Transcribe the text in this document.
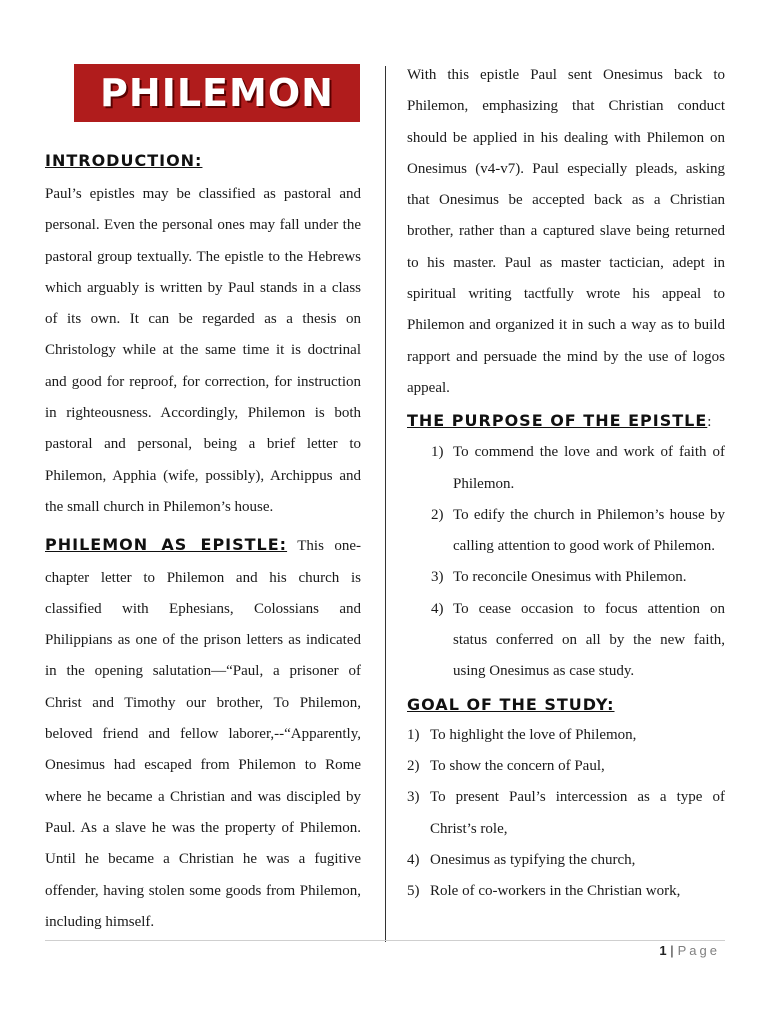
PHILEMON
INTRODUCTION:

Paul’s epistles may be classified as pastoral and personal. Even the personal ones may fall under the pastoral group textually. The epistle to the Hebrews which arguably is written by Paul stands in a class of its own. It can be regarded as a thesis on Christology while at the same time it is doctrinal and good for reproof, for correction, for instruction in righteousness. Accordingly, Philemon is both pastoral and personal, being a brief letter to Philemon, Apphia (wife, possibly), Archippus and the small church in Philemon’s house.

PHILEMON AS EPISTLE: This one-chapter letter to Philemon and his church is classified with Ephesians, Colossians and Philippians as one of the prison letters as indicated in the opening salutation—“Paul, a prisoner of Christ and Timothy our brother, To Philemon, beloved friend and fellow laborer,--“Apparently, Onesimus had escaped from Philemon to Rome where he became a Christian and was discipled by Paul. As a slave he was the property of Philemon. Until he became a Christian he was a fugitive offender, having stolen some goods from Philemon, including himself.

With this epistle Paul sent Onesimus back to Philemon, emphasizing that Christian conduct should be applied in his dealing with Philemon on Onesimus (v4-v7). Paul especially pleads, asking that Onesimus be accepted back as a Christian brother, rather than a captured slave being returned to his master. Paul as master tactician, adept in spiritual writing tactfully wrote his appeal to Philemon and organized it in such a way as to build rapport and persuade the mind by the use of logos appeal.

THE PURPOSE OF THE EPISTLE:
1) To commend the love and work of faith of Philemon.
2) To edify the church in Philemon’s house by calling attention to good work of Philemon.
3) To reconcile Onesimus with Philemon.
4) To cease occasion to focus attention on status conferred on all by the new faith, using Onesimus as case study.
GOAL OF THE STUDY:
1) To highlight the love of Philemon,
2) To show the concern of Paul,
3) To present Paul’s intercession as a type of Christ’s role,
4) Onesimus as typifying the church,
5) Role of co-workers in the Christian work,
1 | Page
